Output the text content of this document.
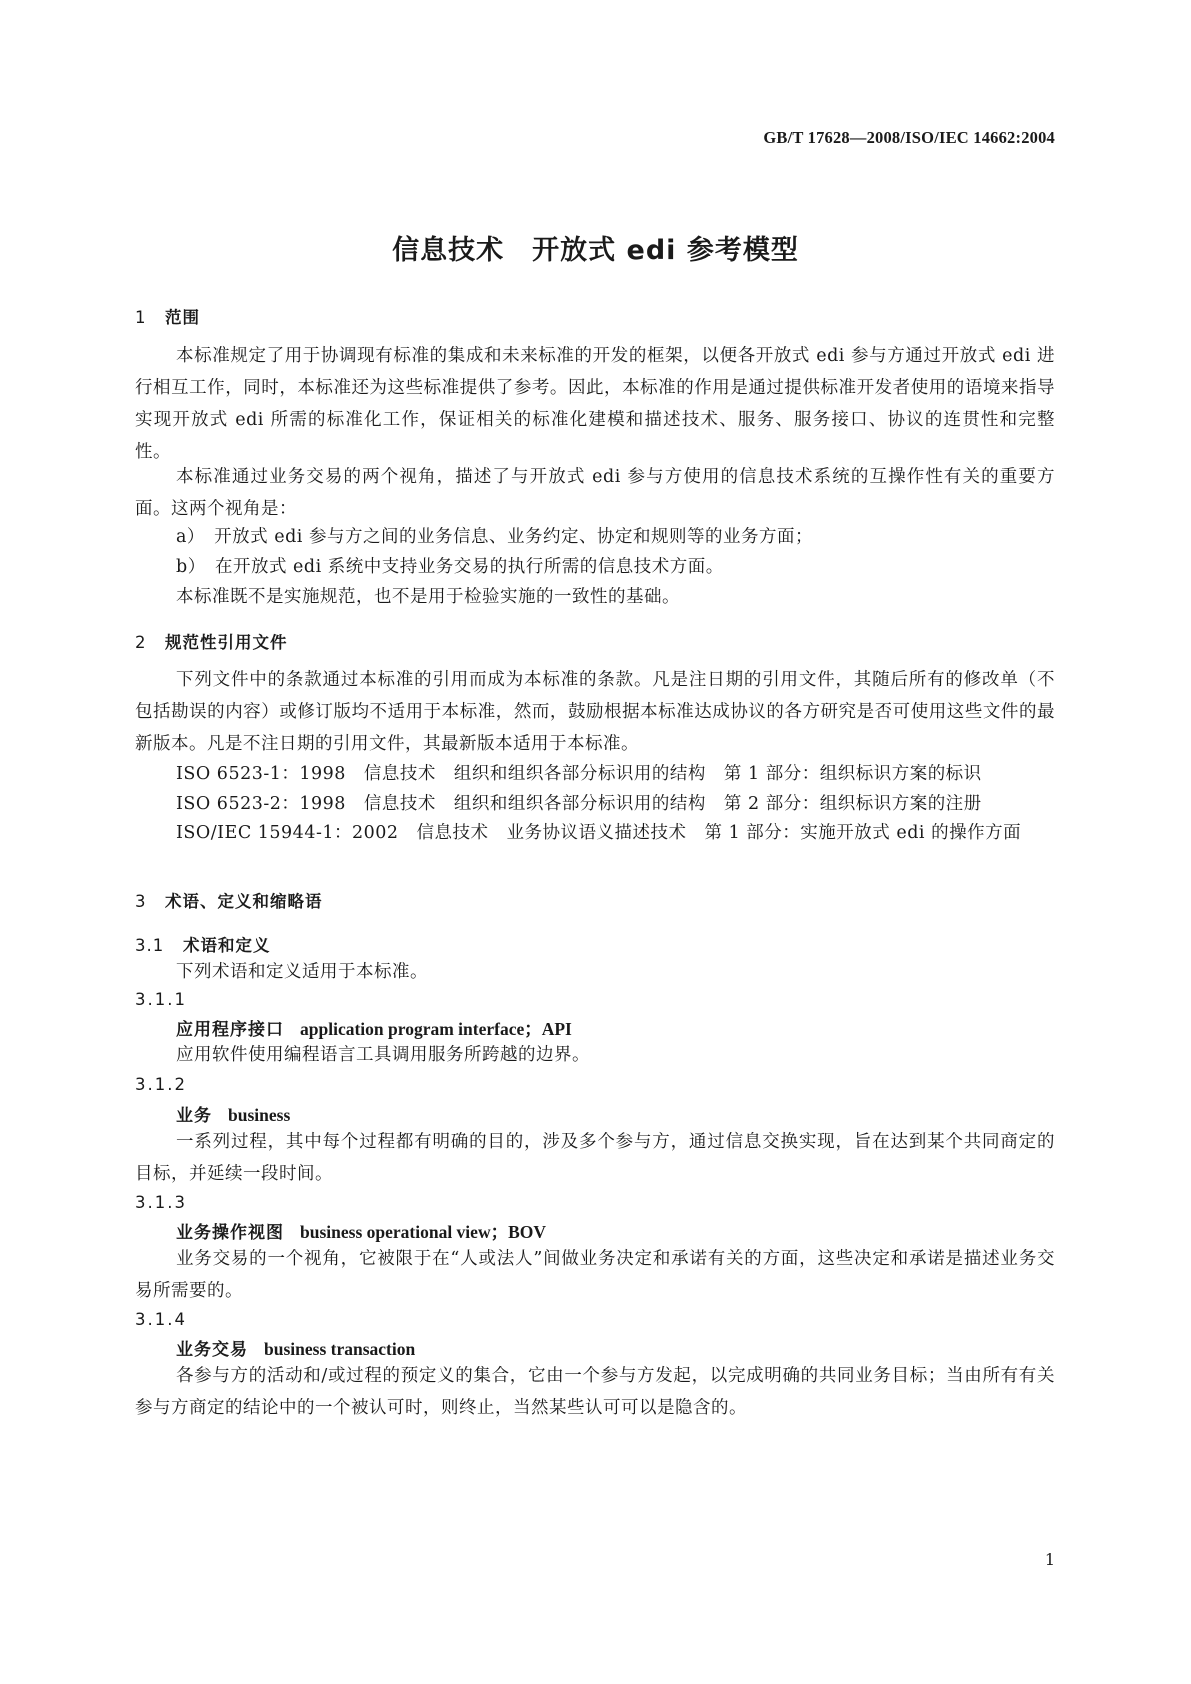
GB/T 17628—2008/ISO/IEC 14662:2004
信息技术　开放式 edi 参考模型
1 范围

本标准规定了用于协调现有标准的集成和未来标准的开发的框架，以便各开放式 edi 参与方通过开放式 edi 进行相互工作，同时，本标准还为这些标准提供了参考。因此，本标准的作用是通过提供标准开发者使用的语境来指导实现开放式 edi 所需的标准化工作，保证相关的标准化建模和描述技术、服务、服务接口、协议的连贯性和完整性。

本标准通过业务交易的两个视角，描述了与开放式 edi 参与方使用的信息技术系统的互操作性有关的重要方面。这两个视角是：

a）　开放式 edi 参与方之间的业务信息、业务约定、协定和规则等的业务方面；
b）　在开放式 edi 系统中支持业务交易的执行所需的信息技术方面。
本标准既不是实施规范，也不是用于检验实施的一致性的基础。
2 规范性引用文件

下列文件中的条款通过本标准的引用而成为本标准的条款。凡是注日期的引用文件，其随后所有的修改单（不包括勘误的内容）或修订版均不适用于本标准，然而，鼓励根据本标准达成协议的各方研究是否可使用这些文件的最新版本。凡是不注日期的引用文件，其最新版本适用于本标准。

ISO 6523-1：1998　信息技术　组织和组织各部分标识用的结构　第 1 部分：组织标识方案的标识
ISO 6523-2：1998　信息技术　组织和组织各部分标识用的结构　第 2 部分：组织标识方案的注册

ISO/IEC 15944-1：2002　信息技术　业务协议语义描述技术　第 1 部分：实施开放式 edi 的操作方面

3 术语、定义和缩略语
3.1 术语和定义
下列术语和定义适用于本标准。
3.1.1
应用程序接口 application program interface；API
应用软件使用编程语言工具调用服务所跨越的边界。
3.1.2
业务 business

一系列过程，其中每个过程都有明确的目的，涉及多个参与方，通过信息交换实现，旨在达到某个共同商定的目标，并延续一段时间。

3.1.3
业务操作视图 business operational view；BOV

业务交易的一个视角，它被限于在“人或法人”间做业务决定和承诺有关的方面，这些决定和承诺是描述业务交易所需要的。

3.1.4
业务交易 business transaction

各参与方的活动和/或过程的预定义的集合，它由一个参与方发起，以完成明确的共同业务目标；当由所有有关参与方商定的结论中的一个被认可时，则终止，当然某些认可可以是隐含的。

1
